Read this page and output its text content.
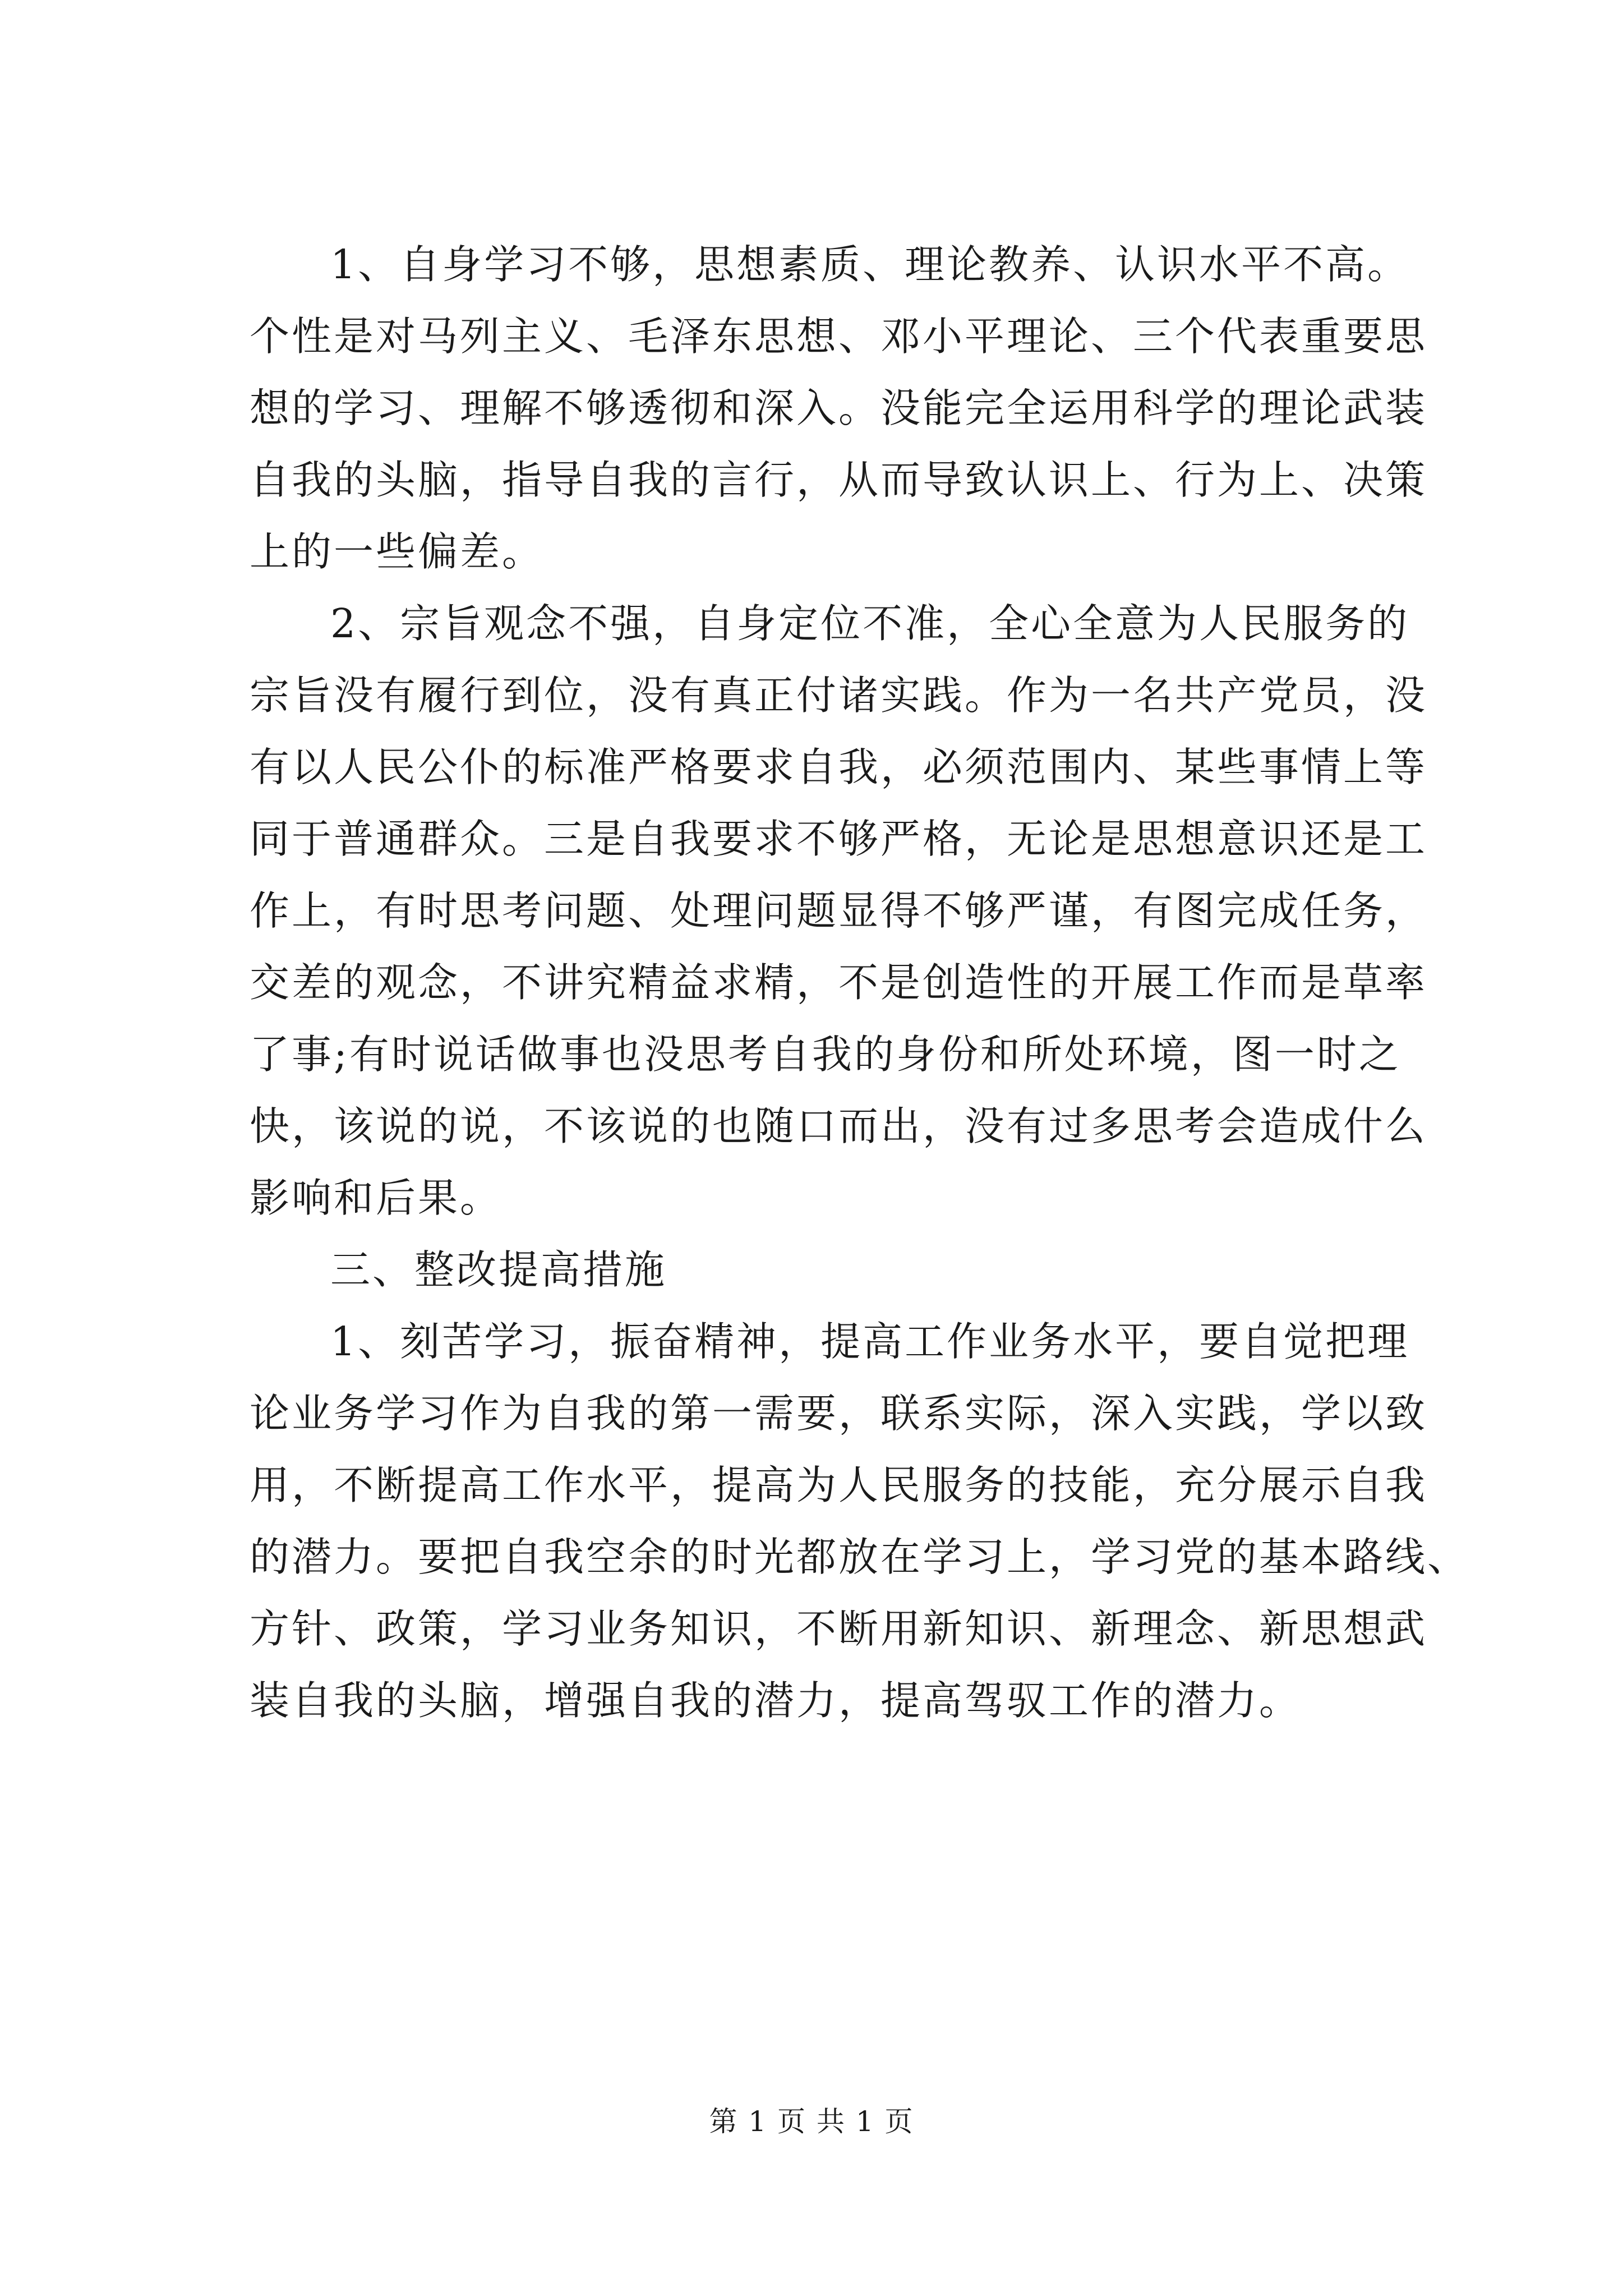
1、自身学习不够，思想素质、理论教养、认识水平不高。
个性是对马列主义、毛泽东思想、邓小平理论、三个代表重要思
想的学习、理解不够透彻和深入。没能完全运用科学的理论武装
自我的头脑，指导自我的言行，从而导致认识上、行为上、决策
上的一些偏差。
2、宗旨观念不强，自身定位不准，全心全意为人民服务的
宗旨没有履行到位，没有真正付诸实践。作为一名共产党员，没
有以人民公仆的标准严格要求自我，必须范围内、某些事情上等
同于普通群众。三是自我要求不够严格，无论是思想意识还是工
作上，有时思考问题、处理问题显得不够严谨，有图完成任务，
交差的观念，不讲究精益求精，不是创造性的开展工作而是草率
了事;有时说话做事也没思考自我的身份和所处环境，图一时之
快，该说的说，不该说的也随口而出，没有过多思考会造成什么
影响和后果。
三、整改提高措施
1、刻苦学习，振奋精神，提高工作业务水平，要自觉把理
论业务学习作为自我的第一需要，联系实际，深入实践，学以致
用，不断提高工作水平，提高为人民服务的技能，充分展示自我
的潜力。要把自我空余的时光都放在学习上，学习党的基本路线、
方针、政策，学习业务知识，不断用新知识、新理念、新思想武
装自我的头脑，增强自我的潜力，提高驾驭工作的潜力。
第 1 页 共 1 页
